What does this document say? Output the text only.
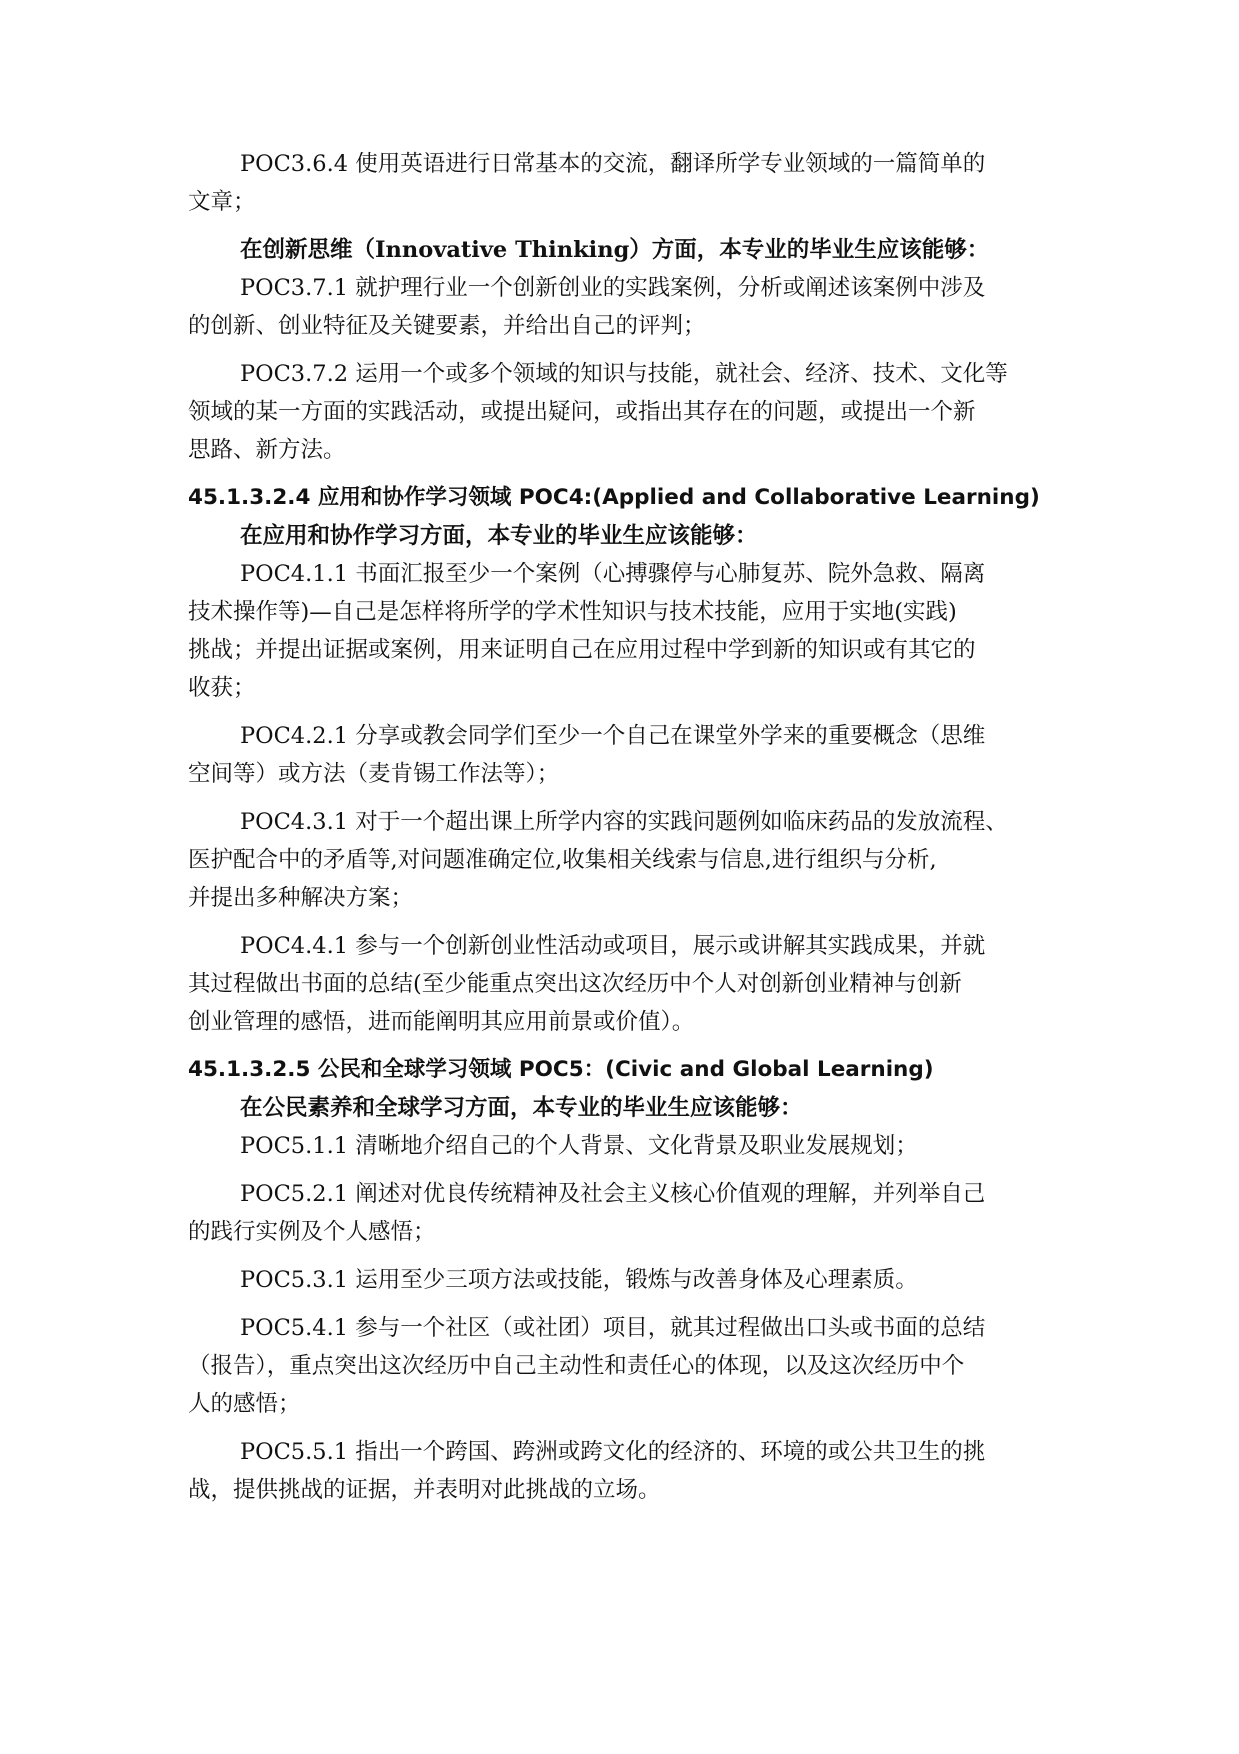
POC3.6.4 使用英语进行日常基本的交流，翻译所学专业领域的一篇简单的
文章；
在创新思维（Innovative Thinking）方面，本专业的毕业生应该能够：
POC3.7.1 就护理行业一个创新创业的实践案例，分析或阐述该案例中涉及
的创新、创业特征及关键要素，并给出自己的评判；
POC3.7.2 运用一个或多个领域的知识与技能，就社会、经济、技术、文化等
领域的某一方面的实践活动，或提出疑问，或指出其存在的问题，或提出一个新
思路、新方法。
45.1.3.2.4 应用和协作学习领域 POC4:(Applied and Collaborative Learning)
在应用和协作学习方面，本专业的毕业生应该能够：
POC4.1.1 书面汇报至少一个案例（心搏骤停与心肺复苏、院外急救、隔离
技术操作等)—自己是怎样将所学的学术性知识与技术技能，应用于实地(实践)
挑战；并提出证据或案例，用来证明自己在应用过程中学到新的知识或有其它的
收获；
POC4.2.1 分享或教会同学们至少一个自己在课堂外学来的重要概念（思维
空间等）或方法（麦肯锡工作法等）；
POC4.3.1 对于一个超出课上所学内容的实践问题例如临床药品的发放流程、
医护配合中的矛盾等,对问题准确定位,收集相关线索与信息,进行组织与分析,
并提出多种解决方案；
POC4.4.1 参与一个创新创业性活动或项目，展示或讲解其实践成果，并就
其过程做出书面的总结(至少能重点突出这次经历中个人对创新创业精神与创新
创业管理的感悟，进而能阐明其应用前景或价值）。
45.1.3.2.5 公民和全球学习领域 POC5：(Civic and Global Learning)
在公民素养和全球学习方面，本专业的毕业生应该能够：
POC5.1.1 清晰地介绍自己的个人背景、文化背景及职业发展规划；
POC5.2.1 阐述对优良传统精神及社会主义核心价值观的理解，并列举自己
的践行实例及个人感悟；
POC5.3.1 运用至少三项方法或技能，锻炼与改善身体及心理素质。
POC5.4.1 参与一个社区（或社团）项目，就其过程做出口头或书面的总结
（报告），重点突出这次经历中自己主动性和责任心的体现，以及这次经历中个
人的感悟；
POC5.5.1 指出一个跨国、跨洲或跨文化的经济的、环境的或公共卫生的挑
战，提供挑战的证据，并表明对此挑战的立场。
